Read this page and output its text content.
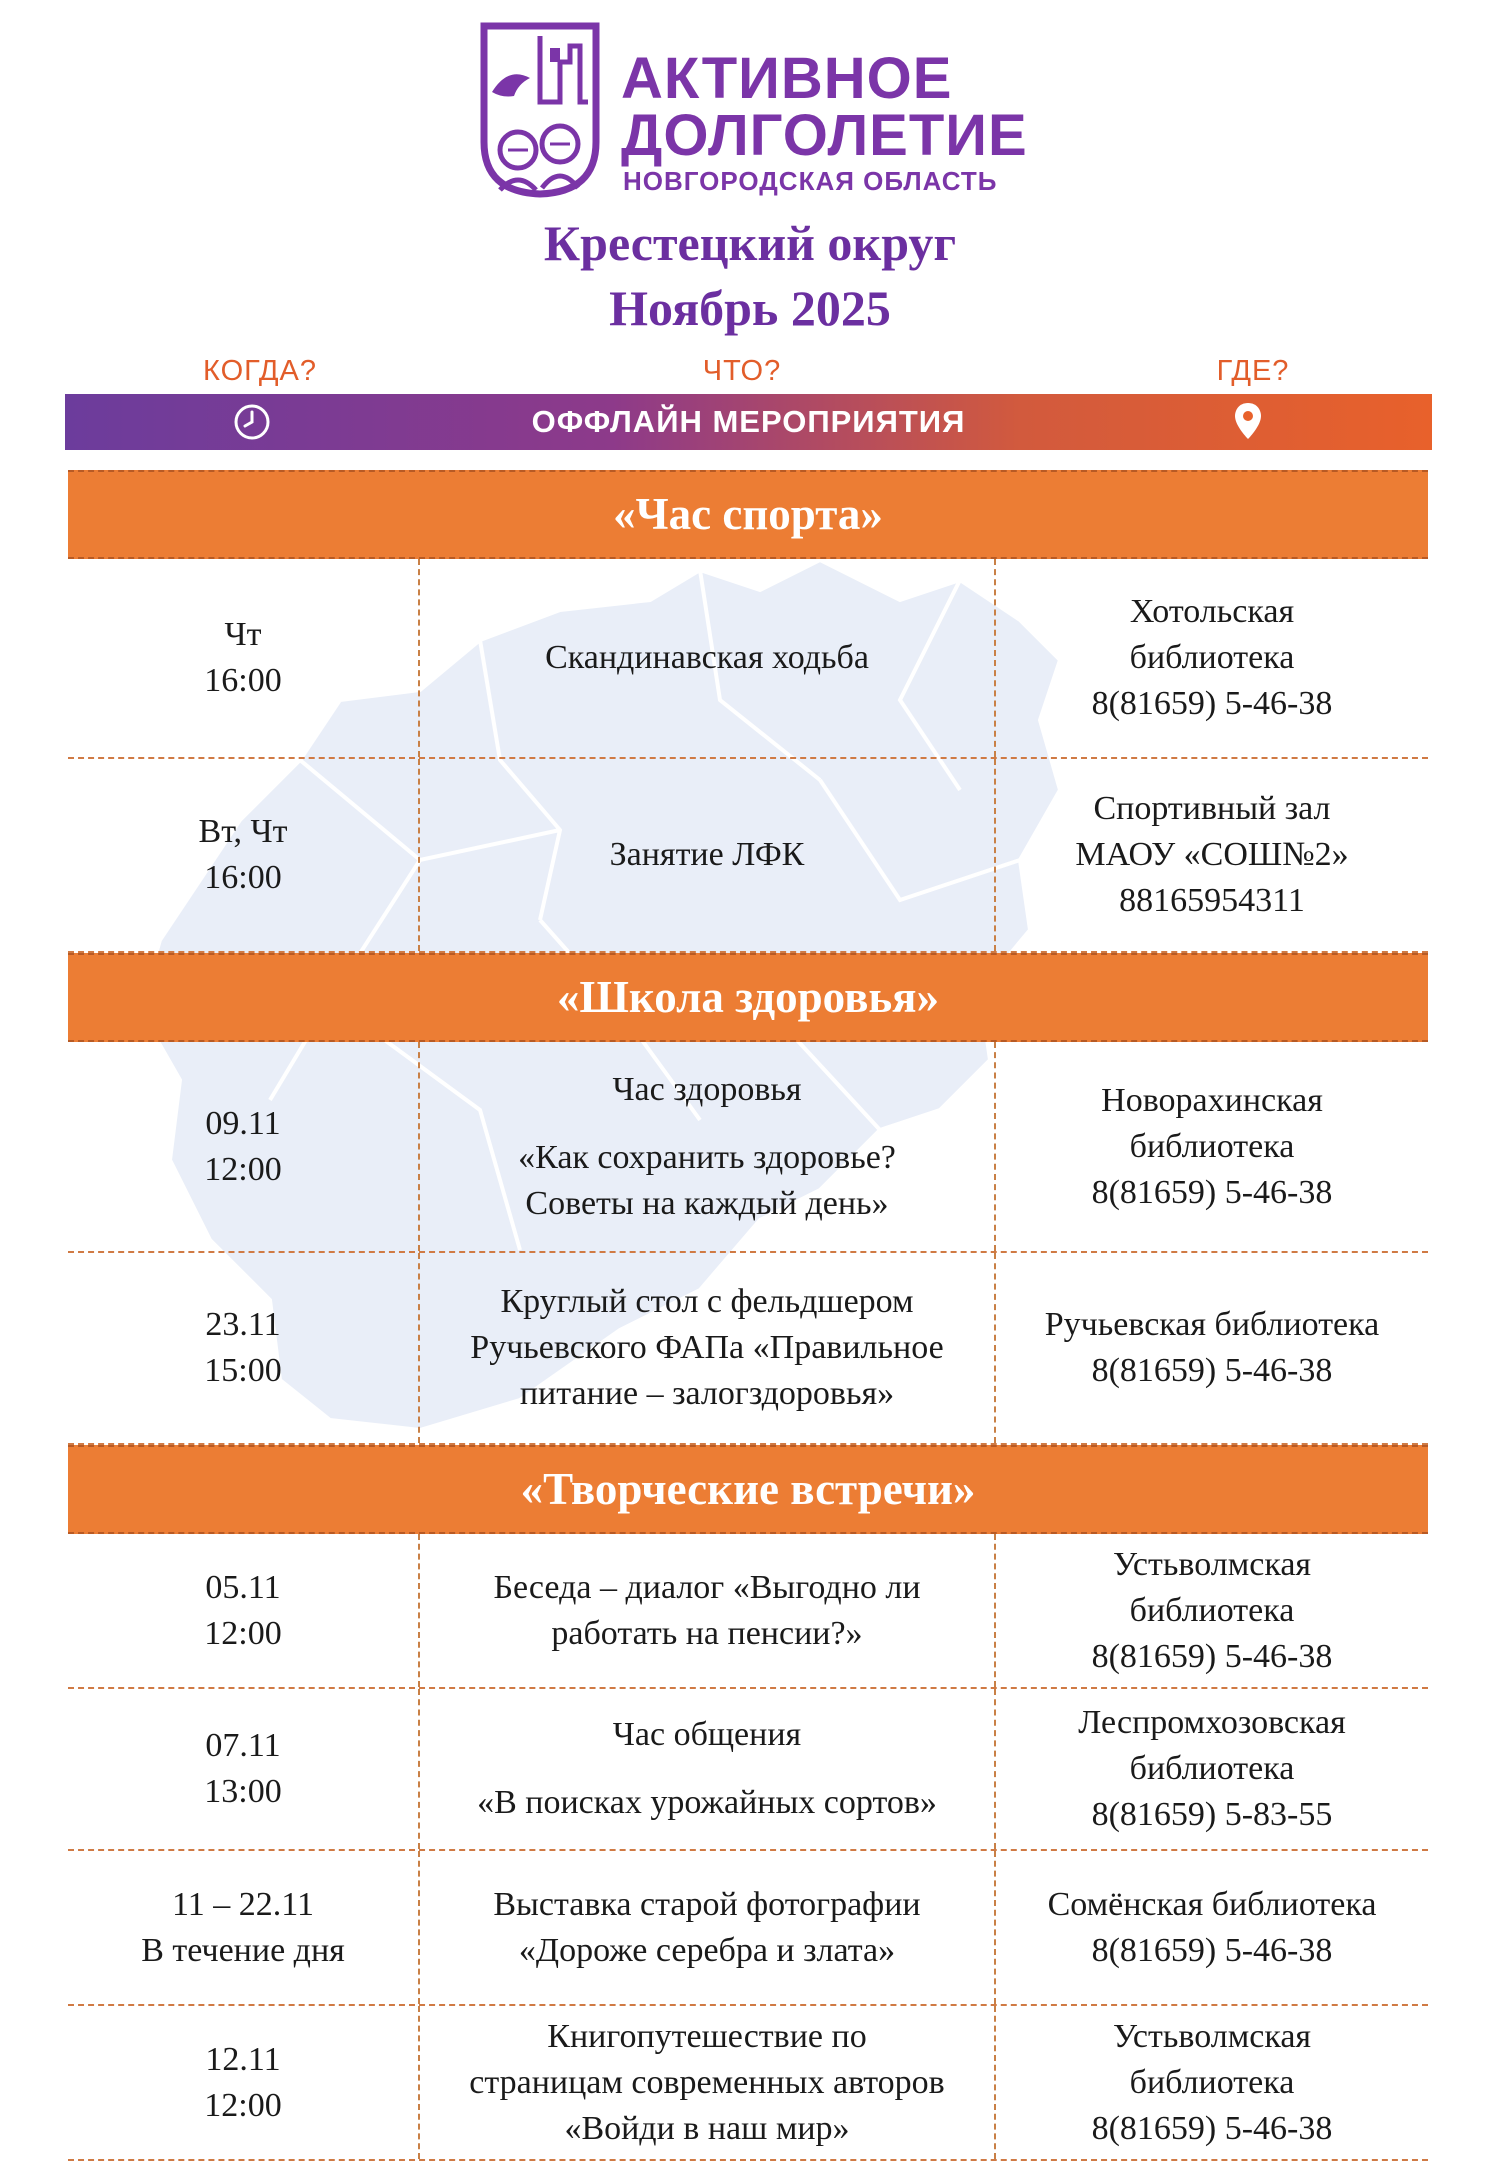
АКТИВНОЕ
ДОЛГОЛЕТИЕ
НОВГОРОДСКАЯ ОБЛАСТЬ
Крестецкий округ
Ноябрь 2025
КОГДА?	ЧТО?	ГДЕ?
ОФФЛАЙН МЕРОПРИЯТИЯ
«Час спорта»
Чт
16:00
Скандинавская ходьба
Хотольская
библиотека
8(81659) 5-46-38
Вт, Чт
16:00
Занятие ЛФК
Спортивный зал
МАОУ «СОШ№2»
88165954311
«Школа здоровья»
09.11
12:00
Час здоровья
«Как сохранить здоровье?
Советы на каждый день»
Новорахинская
библиотека
8(81659) 5-46-38
23.11
15:00
Круглый стол с фельдшером
Ручьевского ФАПа «Правильное
питание – залогздоровья»
Ручьевская библиотека
8(81659) 5-46-38
«Творческие встречи»
05.11
12:00
Беседа – диалог «Выгодно ли
работать на пенсии?»
Устьволмская
библиотека
8(81659) 5-46-38
07.11
13:00
Час общения
«В поисках урожайных сортов»
Леспромхозовская
библиотека
8(81659) 5-83-55
11 – 22.11
В течение дня
Выставка старой фотографии
«Дороже серебра и злата»
Сомёнская библиотека
8(81659) 5-46-38
12.11
12:00
Книгопутешествие по
страницам современных авторов
«Войди в наш мир»
Устьволмская
библиотека
8(81659) 5-46-38
